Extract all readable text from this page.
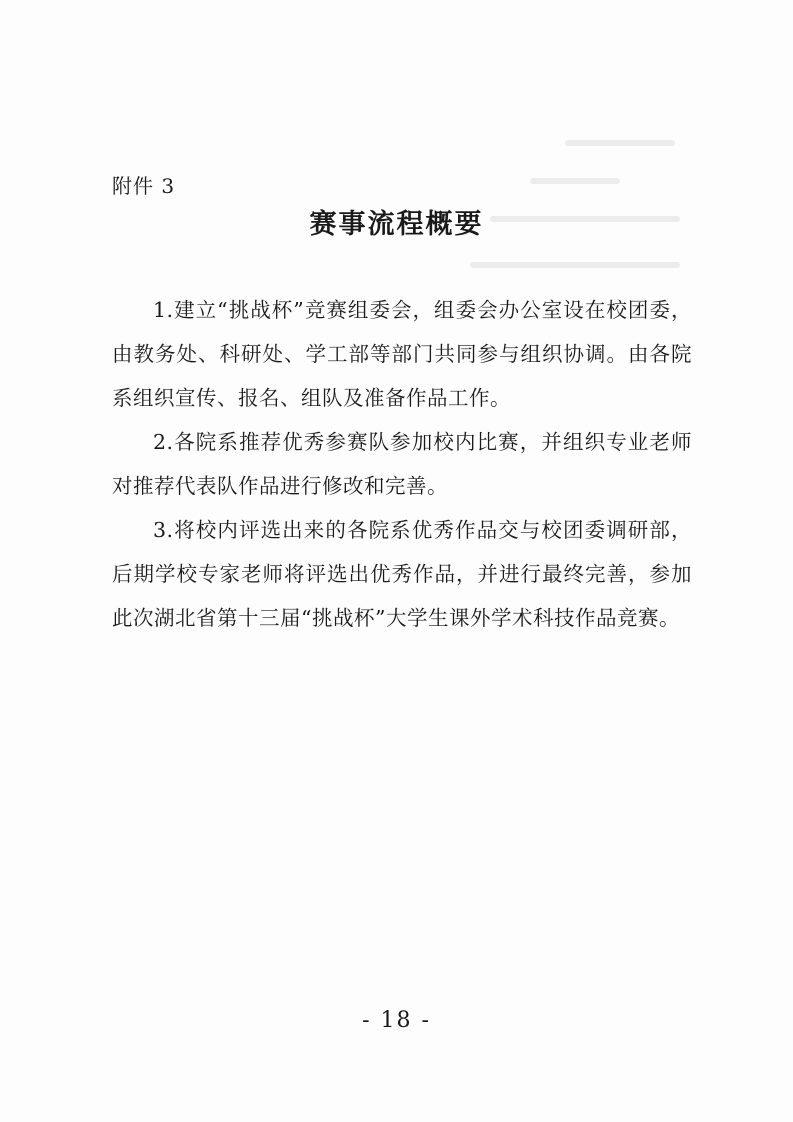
附件 3
赛事流程概要

1.建立“挑战杯”竞赛组委会，组委会办公室设在校团委，由教务处、科研处、学工部等部门共同参与组织协调。由各院系组织宣传、报名、组队及准备作品工作。

2.各院系推荐优秀参赛队参加校内比赛，并组织专业老师对推荐代表队作品进行修改和完善。

3.将校内评选出来的各院系优秀作品交与校团委调研部，后期学校专家老师将评选出优秀作品，并进行最终完善，参加此次湖北省第十三届“挑战杯”大学生课外学术科技作品竞赛。

- 18 -
